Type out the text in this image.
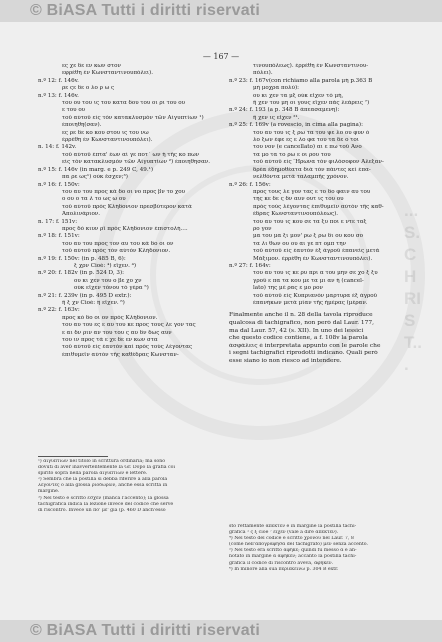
© BiASA Tutti i diritti riservati
...S.CHRIST...
— 167 —
ες χε δε εν κων στον
εφρέθη ἐν Κωνσταντινουπόλει).
n.º 12: f. 146v.
ρε ςε δε ο λο ρ ω ς
n.º 13: f. 146v.
του ου του ις του κατα δου του οι ρι του ου
ε του ου
τοῦ αὐτοῦ εἰς τὸν κατακλυσμὸν τῶν Αἰγυπτίων ¹)
ἐποιηθη(σαν).
ες ρε δε κο κου στου ις του νω
ἐρρέθη ἐν Κωνσταντινουπόλει).
n. 14: f. 142v.
τοῦ αὐτοῦ ἑπτα' ἐων αἱ γε ποτ᾽ ων ἡ τῆς κο πων
εἰς τὸν κατακλυσμὸν τῶν Αἰγυπτίων ²) ἐποιηθησαν.
n.º 15: f. 146v (in marg. e p. 249 C, 49.¹)
πα ρε ως¹) οὐκ ἔσχεν;³)
n.º 16: f. 150v:
του αυ του προς κὰ δο οι νο προς βν το χου
ο ου ο τα λ το ως ω ου
τοῦ αὐτοῦ πρὸς Κλήδονιον πρεσβύτερον κατὰ
Ἀπολινάριον.
n. 17: f. 151v:
προς δὸ κιυν ρῖ πρὸς Κλήδονιον ἐπιστολή....
n.º 18: f. 151v:
του αυ του προς τον αυ του κὰ δο οι ον
τοῦ αὐτοῦ πρὸς τὸν αὐτὸν Κλήδονιον.
n.º 19: f. 150v: (in p. 485 B, 6):
ξ χρν Cioè: ⁴) εἴχεν. ⁴)
n.º 20: f. 182v (in p. 524 D, 3):
ου κι χεν του ο βε χο χν
οὐκ εἴχεν τὸνου τὸ γέρα ⁵)
n.º 21: f. 239v (in p. 495 D extr.):
ῆ ξ χν Cioè: ἢ εἴχεν. ⁶)
n.º 22: f. 163v:
προς κὸ δο οι ον πρὸς Κλήδονιον.
του αυ του ες ε αυ του κε προς τους λε γον τας
ε αι δν ριν αν του του ς αυ δν δως αυν
του ιν προς τὰ ε χε δε εν κων στα
τοῦ αὐτοῦ εἰς ἑαυτὸν καὶ πρὸς τοὺς λέγοντας
ἐπιθυμεῖν αὐτὸν τῆς καθέδρας Κωνσταν-
τινουπόλεως). ἐρρέθη ἐν Κωνσταντινου-
πόλει).
n.º 23: f. 167v(con richiamo alla parola μή p.363 B
μή μοχρα πολὺ):
ου κι χεν τα μξ οὐκ εἴχεν τὸ μή,
ῆ χεν του μη οι γους εἴχεν πάς λεάρεις ⁷)
n.º 24: f. 193 (a p. 348 B ἀπεασαμενη):
ῆ χεν ις εἴχεν ²¹.
n.º 25: f. 169v (a rovescio, in cima alla pagina):
του αυ του ις ξ ρω τα του ψε λο ου φυν ὁ
λο ξων ἐφε ες ε λο φα του τα δε ο τοι
του νον (e cancellato) αι ε πω τοῦ Ἀνο
τα μο τα το ρω ε οι ρου του
τοῦ αὐτοῦ εἰς Ἥρωνα τὸν φιλόσοφον Ἀλεξαν-
δρέα ἐδημοθέατα διὰ τὸν πάντες κεὶ ἐπα-
νελθόντα μετὰ ταλαμπῆς χρόνον.
n.º 26: f. 156v:
προς τους λε γον τας ε το δο φαιν αυ του
της κε δε ς δν αυν ουτ ις του ου
πρὸς τοὺς λέγοντας ἐπιθυμεῖν αὐτὸν τῆς καθ-
έδρας Κωνσταντινουπόλεως).
του αυ του ις κου σε τα ξυ ποι ε ντε ταξ
ρο γον
μα του μα ξι μον' ρω ξ ρω δι ου κου σο
τα λι θων ου ου αι γε πτ ομπ την
τοῦ αὐτοῦ εἰς ἑαυτὸν ἐξ ἀγροῦ ἐπανεὶς μετὰ
Μάξιμον. ἐρρέθη ἐν Κωνσταντινουπόλει).
n.º 27: f. 164v:
του αυ του ις κε ρυ πρι α του μην σε χο ξ ξυ
γροῦ ε πα τα κου με τα μι αν ἡ (cancel-
lato) της μέ ρας ε μο ρον
τοῦ αὐτοῦ εἰς Κυπριανὸν μαρτυρα ἐξ ἀγροῦ
ἐπανήκων μετὰ μίαν τῆς ἡμέρας (μέραν.
Finalmente anche il n. 28 della tavola riproduce
qualcosa di tachigrafico, non però dal Laur. 177,
ma dal Laur. 57, 42 (s. XII). In uno dei lessici
che questo codice contiene, a f. 108v la parola
ἀσφάλεις è interpretata appunto con le parole che
i segni tachigrafici riprodotti indicano. Quali però
esse siano io non riesco ad intendere.
¹) αἰγυπτίων nel titolo in scrittura ordinaria; ma sono
dovuti di aver inavvertentemente la Gr. Dopo la grafia coi
spirito sopra nella parola αἰγυπτίων e lettere.
²) Sembra che la postilla si debba riferire a alla parola
λέγοντες o alla glossa ριοδωρῶν, anche essa scritta in
margine.
³) Nel testo è scritto ἔσχεν (manca l'accento); la glossa
tachigrafica indica la lezione invece del codice che serve
di riscontro. Invece un πο' μὲ' già (p. 460 D anch'esso
sto rettamente ἀπέκτεν e in margine la postilla tachi-
grafica ¹ ς ξ cioè ⁷ εἴχεν (vale a dire ἀπέκτεν).
⁴) Nel testo del codice è scritto χρόνου nel Laur. 7, 8
(come nell'ἀπογράφησα del tachigrafo) μεν senza accento.
⁵) Nel testo era scritto ἀφῆκε; quindi fu messo ἃ e an-
notato in margine ἃ ἀφῆκεν; accanto la postilla tachi-
grafica il codice di riscontro aveva, ἀφῆκεν.
⁶) In minore alla sua περιεκεῖνω p. 304 B extr.
© BiASA Tutti i diritti riservati
